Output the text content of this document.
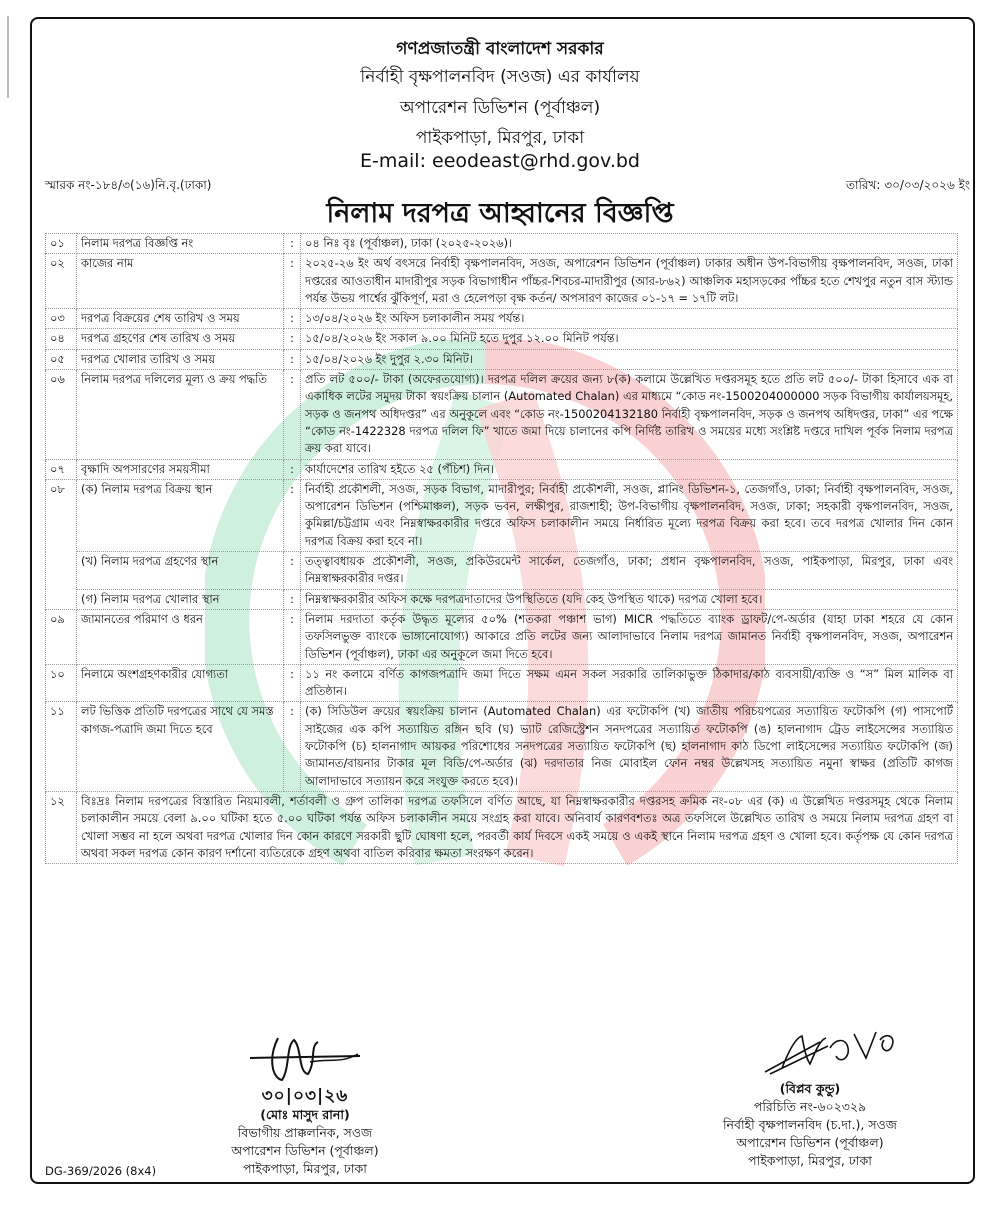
গণপ্রজাতন্ত্রী বাংলাদেশ সরকার
নির্বাহী বৃক্ষপালনবিদ (সওজ) এর কার্যালয়
অপারেশন ডিভিশন (পূর্বাঞ্চল)
পাইকপাড়া, মিরপুর, ঢাকা
E-mail: eeodeast@rhd.gov.bd
স্মারক নং-১৮৪/৩(১৬)নি.বৃ.(ঢাকা)	তারিখ: ৩০/০৩/২০২৬ ইং
নিলাম দরপত্র আহ্বানের বিজ্ঞপ্তি
০১	নিলাম দরপত্র বিজ্ঞপ্তি নং	:	০৪ নিঃ বৃঃ (পূর্বাঞ্চল), ঢাকা (২০২৫-২০২৬)।
০২	কাজের নাম	:	২০২৫-২৬ ইং অর্থ বৎসরে নির্বাহী বৃক্ষপালনবিদ, সওজ, অপারেশন ডিভিশন (পূর্বাঞ্চল) ঢাকার অধীন উপ-বিভাগীয় বৃক্ষপালনবিদ, সওজ, ঢাকা দপ্তরের আওতাধীন মাদারীপুর সড়ক বিভাগাধীন পাঁচ্চর-শিবচর-মাদারীপুর (আর-৮৬২) আঞ্চলিক মহাসড়কের পাঁচ্চর হতে শেখপুর নতুন বাস স্ট্যান্ড পর্যন্ত উভয় পার্শ্বের ঝুঁকিপূর্ণ, মরা ও হেলেপড়া বৃক্ষ কর্তন/ অপসারণ কাজের ০১-১৭ = ১৭টি লট।
০৩	দরপত্র বিক্রয়ের শেষ তারিখ ও সময়	:	১৩/০৪/২০২৬ ইং অফিস চলাকালীন সময় পর্যন্ত।
০৪	দরপত্র গ্রহণের শেষ তারিখ ও সময়	:	১৫/০৪/২০২৬ ইং সকাল ৯.০০ মিনিট হতে দুপুর ১২.০০ মিনিট পর্যন্ত।
০৫	দরপত্র খোলার তারিখ ও সময়	:	১৫/০৪/২০২৬ ইং দুপুর ২.৩০ মিনিট।
০৬	নিলাম দরপত্র দলিলের মূল্য ও ক্রয় পদ্ধতি	:	প্রতি লট ৫০০/- টাকা (অফেরতযোগ্য)। দরপত্র দলিল ক্রয়ের জন্য ৮(ক) কলামে উল্লেখিত দপ্তরসমূহ হতে প্রতি লট ৫০০/- টাকা হিসাবে এক বা একাধিক লটের সমুদয় টাকা স্বয়ংক্রিয় চালান (Automated Chalan) এর মাধ্যমে “কোড নং-1500204000000 সড়ক বিভাগীয় কার্যালয়সমূহ, সড়ক ও জনপথ অধিদপ্তর” এর অনুকূলে এবং “কোড নং-1500204132180 নির্বাহী বৃক্ষপালনবিদ, সড়ক ও জনপথ অধিদপ্তর, ঢাকা” এর পক্ষে “কোড নং-1422328 দরপত্র দলিল ফি” খাতে জমা দিয়ে চালানের কপি নির্দিষ্ট তারিখ ও সময়ের মধ্যে সংশ্লিষ্ট দপ্তরে দাখিল পূর্বক নিলাম দরপত্র ক্রয় করা যাবে।
০৭	বৃক্ষাদি অপসারণের সময়সীমা	:	কার্যাদেশের তারিখ হইতে ২৫ (পঁচিশ) দিন।
০৮	(ক) নিলাম দরপত্র বিক্রয় স্থান	:	নির্বাহী প্রকৌশলী, সওজ, সড়ক বিভাগ, মাদারীপুর; নির্বাহী প্রকৌশলী, সওজ, প্লানিং ডিভিশন-১, তেজগাঁও, ঢাকা; নির্বাহী বৃক্ষপালনবিদ, সওজ, অপারেশন ডিভিশন (পশ্চিমাঞ্চল), সড়ক ভবন, লক্ষীপুর, রাজশাহী; উপ-বিভাগীয় বৃক্ষপালনবিদ, সওজ, ঢাকা; সহকারী বৃক্ষপালনবিদ, সওজ, কুমিল্লা/চট্টগ্রাম এবং নিম্নস্বাক্ষরকারীর দপ্তরে অফিস চলাকালীন সময়ে নির্ধারিত মূল্যে দরপত্র বিক্রয় করা হবে। তবে দরপত্র খোলার দিন কোন দরপত্র বিক্রয় করা হবে না।
	(খ) নিলাম দরপত্র গ্রহণের স্থান	:	তত্ত্বাবধায়ক প্রকৌশলী, সওজ, প্রকিউরমেন্ট সার্কেল, তেজগাঁও, ঢাকা; প্রধান বৃক্ষপালনবিদ, সওজ, পাইকপাড়া, মিরপুর, ঢাকা এবং নিম্নস্বাক্ষরকারীর দপ্তর।
	(গ) নিলাম দরপত্র খোলার স্থান	:	নিম্নস্বাক্ষরকারীর অফিস কক্ষে দরপত্রদাতাদের উপস্থিতিতে (যদি কেহ উপস্থিত থাকে) দরপত্র খোলা হবে।
০৯	জামানতের পরিমাণ ও ধরন	:	নিলাম দরদাতা কর্তৃক উদ্ধৃত মূল্যের ৫০% (শতকরা পঞ্চাশ ভাগ) MICR পদ্ধতিতে ব্যাংক ড্রাফট/পে-অর্ডার (যাহা ঢাকা শহরে যে কোন তফসিলভুক্ত ব্যাংকে ভাঙ্গানোযোগ্য) আকারে প্রতি লটের জন্য আলাদাভাবে নিলাম দরপত্র জামানত নির্বাহী বৃক্ষপালনবিদ, সওজ, অপারেশন ডিভিশন (পূর্বাঞ্চল), ঢাকা এর অনুকূলে জমা দিতে হবে।
১০	নিলামে অংশগ্রহণকারীর যোগ্যতা	:	১১ নং কলামে বর্ণিত কাগজপত্রাদি জমা দিতে সক্ষম এমন সকল সরকারি তালিকাভুক্ত ঠিকাদার/কাঠ ব্যবসায়ী/ব্যক্তি ও “স” মিল মালিক বা প্রতিষ্ঠান।
১১	লট ভিত্তিক প্রতিটি দরপত্রের সাথে যে সমস্ত কাগজ-পত্রাদি জমা দিতে হবে	:	(ক) সিডিউল ক্রয়ের স্বয়ংক্রিয় চালান (Automated Chalan) এর ফটোকপি (খ) জাতীয় পরিচয়পত্রের সত্যায়িত ফটোকপি (গ) পাসপোর্ট সাইজের এক কপি সত্যায়িত রঙ্গিন ছবি (ঘ) ভ্যাট রেজিস্ট্রেশন সনদপত্রের সত্যায়িত ফটোকপি (ঙ) হালনাগাদ ট্রেড লাইসেন্সের সত্যায়িত ফটোকপি (চ) হালনাগাদ আয়কর পরিশোধের সনদপত্রের সত্যায়িত ফটোকপি (ছ) হালনাগাদ কাঠ ডিপো লাইসেন্সের সত্যায়িত ফটোকপি (জ) জামানত/বায়নার টাকার মূল বিডি/পে-অর্ডার (ঝ) দরদাতার নিজ মোবাইল ফোন নম্বর উল্লেখসহ সত্যায়িত নমুনা স্বাক্ষর (প্রতিটি কাগজ আলাদাভাবে সত্যায়ন করে সংযুক্ত করতে হবে)।
১২	বিঃদ্রঃ নিলাম দরপত্রের বিস্তারিত নিয়মাবলী, শর্তাবলী ও গ্রুপ তালিকা দরপত্র তফসিলে বর্ণিত আছে, যা নিম্নস্বাক্ষরকারীর দপ্তরসহ ক্রমিক নং-০৮ এর (ক) এ উল্লেখিত দপ্তরসমূহ থেকে নিলাম চলাকালীন সময়ে বেলা ৯.০০ ঘটিকা হতে ৫.০০ ঘটিকা পর্যন্ত অফিস চলাকালীন সময়ে সংগ্রহ করা যাবে। অনিবার্য কারণবশতঃ অত্র তফসিলে উল্লেখিত তারিখ ও সময়ে নিলাম দরপত্র গ্রহণ বা খোলা সম্ভব না হলে অথবা দরপত্র খোলার দিন কোন কারণে সরকারী ছুটি ঘোষণা হলে, পরবর্তী কার্য দিবসে একই সময়ে ও একই স্থানে নিলাম দরপত্র গ্রহণ ও খোলা হবে। কর্তৃপক্ষ যে কোন দরপত্র অথবা সকল দরপত্র কোন কারণ দর্শানো ব্যতিরেকে গ্রহণ অথবা বাতিল করিবার ক্ষমতা সংরক্ষণ করেন।		
৩০|০৩|২৬
(মোঃ মাসুদ রানা)
বিভাগীয় প্রাক্কলনিক, সওজ
অপারেশন ডিভিশন (পূর্বাঞ্চল)
পাইকপাড়া, মিরপুর, ঢাকা
(বিপ্লব কুন্ডু)
পরিচিতি নং-৬০২৩২৯
নির্বাহী বৃক্ষপালনবিদ (চ.দা.), সওজ
অপারেশন ডিভিশন (পূর্বাঞ্চল)
পাইকপাড়া, মিরপুর, ঢাকা
DG-369/2026 (8x4)
